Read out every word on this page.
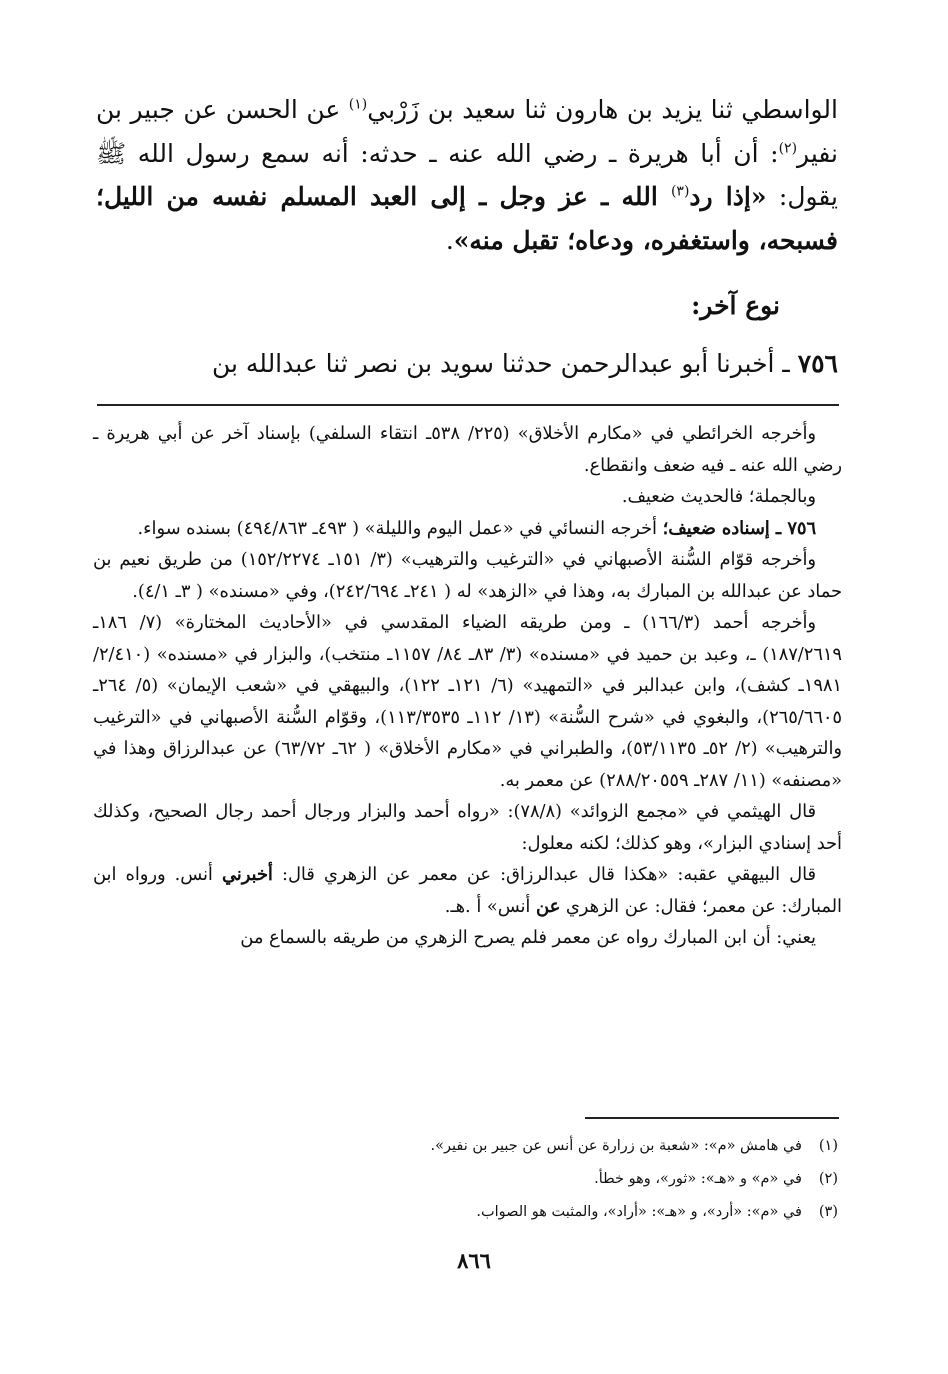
الواسطي ثنا يزيد بن هارون ثنا سعيد بن زَرْبي$^{(١)}$ عن الحسن عن جبير بن نفير$^{(٢)}$: أن أبا هريرة ـ رضي الله عنه ـ حدثه: أنه سمع رسول الله ﷺ يقول: «إذا رد$^{(٣)}$ الله ـ عز وجل ـ إلى العبد المسلم نفسه من الليل؛ فسبحه، واستغفره، ودعاه؛ تقبل منه».

نوع آخر:

٧٥٦ ـ أخبرنا أبو عبدالرحمن حدثنا سويد بن نصر ثنا عبدالله بن

وأخرجه الخرائطي في «مكارم الأخلاق» (٢٢٥/ ٥٣٨ـ انتقاء السلفي) بإسناد آخر عن أبي هريرة ـ رضي الله عنه ـ فيه ضعف وانقطاع.

وبالجملة؛ فالحديث ضعيف.

٧٥٦ ـ إسناده ضعيف؛ أخرجه النسائي في «عمل اليوم والليلة» ( ٤٩٣ـ ٤٩٤/٨٦٣) بسنده سواء.

وأخرجه قوّام السُّنة الأصبهاني في «الترغيب والترهيب» (٣/ ١٥١ـ ١٥٢/٢٢٧٤) من طريق نعيم بن حماد عن عبدالله بن المبارك به، وهذا في «الزهد» له ( ٢٤١ـ ٢٤٢/٦٩٤)، وفي «مسنده» ( ٣ـ ٤/١).

وأخرجه أحمد (١٦٦/٣) ـ ومن طريقه الضياء المقدسي في «الأحاديث المختارة» (٧/ ١٨٦ـ ١٨٧/٢٦١٩) ـ، وعبد بن حميد في «مسنده» (٣/ ٨٣ـ ٨٤/ ١١٥٧ـ منتخب)، والبزار في «مسنده» (٢/٤١٠/ ١٩٨١ـ كشف)، وابن عبدالبر في «التمهيد» (٦/ ١٢١ـ ١٢٢)، والبيهقي في «شعب الإيمان» (٥/ ٢٦٤ـ ٢٦٥/٦٦٠٥)، والبغوي في «شرح السُّنة» (١٣/ ١١٢ـ ١١٣/٣٥٣٥)، وقوّام السُّنة الأصبهاني في «الترغيب والترهيب» (٢/ ٥٢ـ ٥٣/١١٣٥)، والطبراني في «مكارم الأخلاق» ( ٦٢ـ ٦٣/٧٢) عن عبدالرزاق وهذا في «مصنفه» (١١/ ٢٨٧ـ ٢٨٨/٢٠٥٥٩) عن معمر به.

قال الهيثمي في «مجمع الزوائد» (٧٨/٨): «رواه أحمد والبزار ورجال أحمد رجال الصحيح، وكذلك أحد إسنادي البزار»، وهو كذلك؛ لكنه معلول:

قال البيهقي عقبه: «هكذا قال عبدالرزاق: عن معمر عن الزهري قال: أخبرني أنس. ورواه ابن المبارك: عن معمر؛ فقال: عن الزهري عن أنس» أ .هـ.

يعني: أن ابن المبارك رواه عن معمر فلم يصرح الزهري من طريقه بالسماع من

(١)في هامش «م»: «شعبة بن زرارة عن أنس عن جبير بن نفير».

(٢)في «م» و «هـ»: «ثور»، وهو خطأ.

(٣)في «م»: «أرد»، و «هـ»: «أراد»، والمثبت هو الصواب.

٨٦٦
